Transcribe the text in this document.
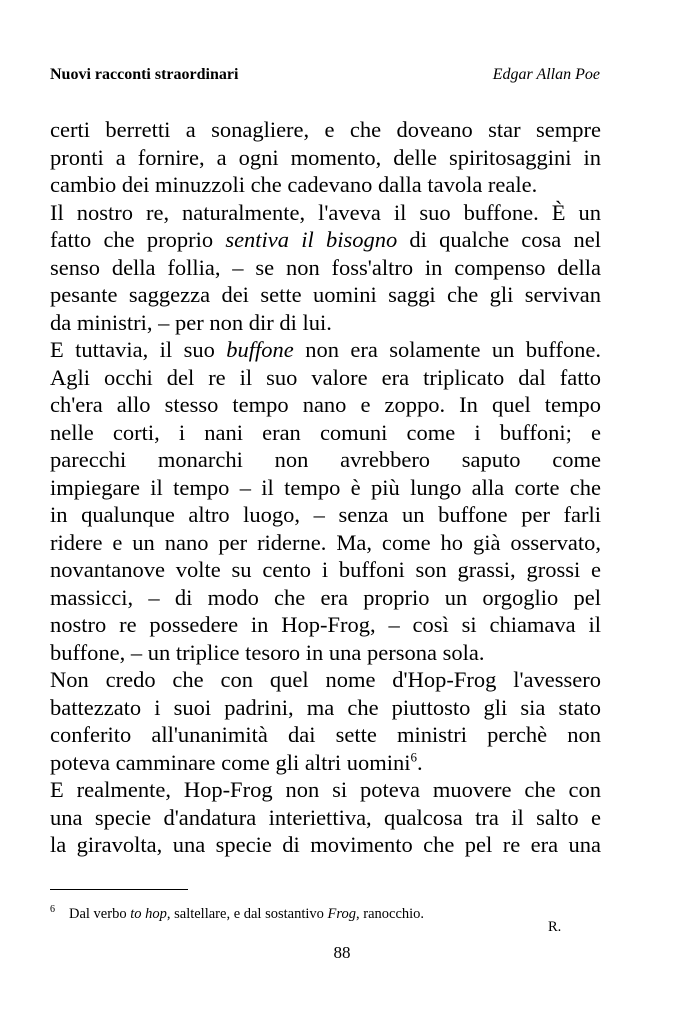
Nuovi racconti straordinari	Edgar Allan Poe
certi berretti a sonagliere, e che doveano star sempre
pronti a fornire, a ogni momento, delle spiritosaggini in
cambio dei minuzzoli che cadevano dalla tavola reale.
Il nostro re, naturalmente, l'aveva il suo buffone. È un
fatto che proprio sentiva il bisogno di qualche cosa nel
senso della follia, – se non foss'altro in compenso della
pesante saggezza dei sette uomini saggi che gli servivan
da ministri, – per non dir di lui.
E tuttavia, il suo buffone non era solamente un buffone.
Agli occhi del re il suo valore era triplicato dal fatto
ch'era allo stesso tempo nano e zoppo. In quel tempo
nelle corti, i nani eran comuni come i buffoni; e
parecchi monarchi non avrebbero saputo come
impiegare il tempo – il tempo è più lungo alla corte che
in qualunque altro luogo, – senza un buffone per farli
ridere e un nano per riderne. Ma, come ho già osservato,
novantanove volte su cento i buffoni son grassi, grossi e
massicci, – di modo che era proprio un orgoglio pel
nostro re possedere in Hop-Frog, – così si chiamava il
buffone, – un triplice tesoro in una persona sola.
Non credo che con quel nome d'Hop-Frog l'avessero
battezzato i suoi padrini, ma che piuttosto gli sia stato
conferito all'unanimità dai sette ministri perchè non
poteva camminare come gli altri uomini$^6$.
E realmente, Hop-Frog non si poteva muovere che con
una specie d'andatura interiettiva, qualcosa tra il salto e
la giravolta, una specie di movimento che pel re era una
$^6$ Dal verbo to hop, saltellare, e dal sostantivo Frog, ranocchio.
R.
88
